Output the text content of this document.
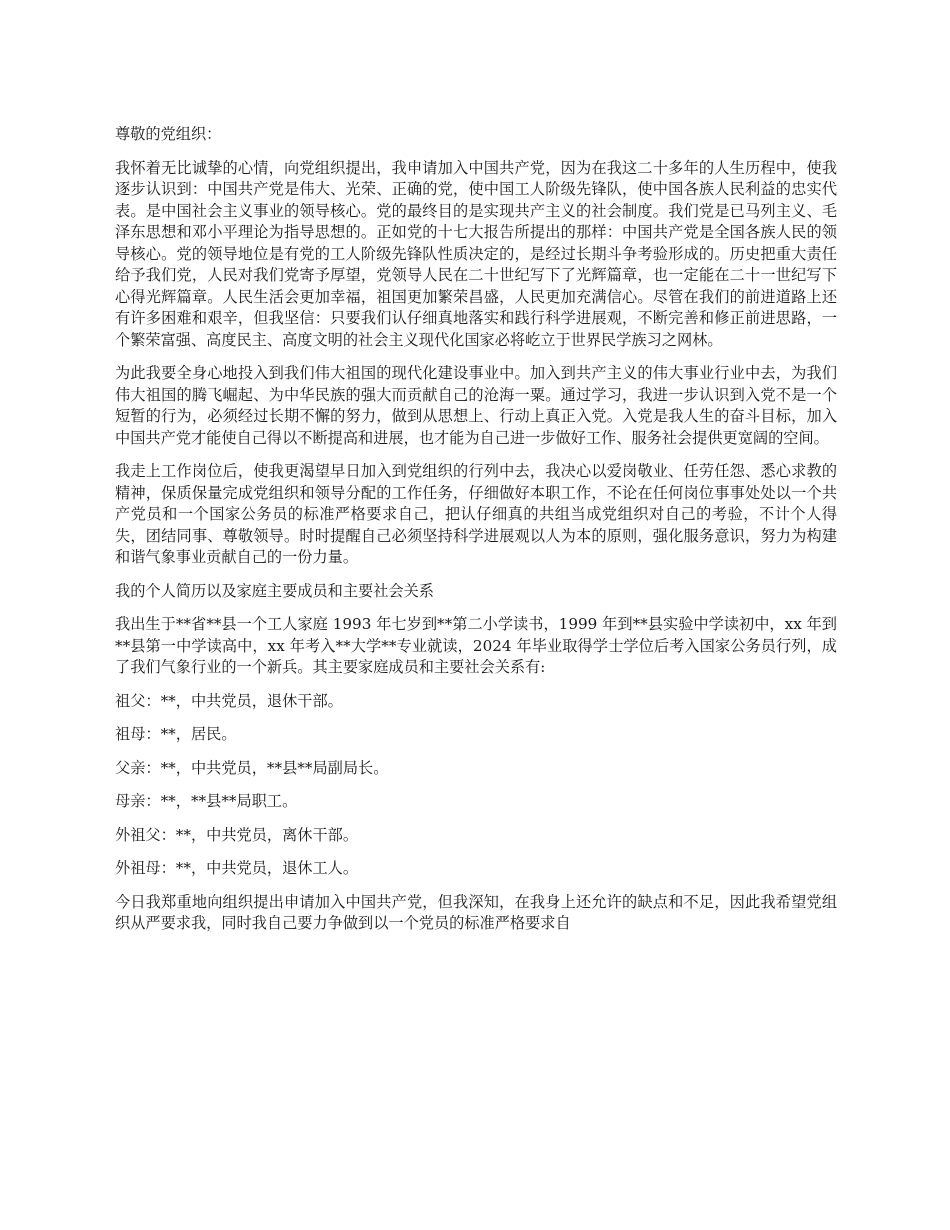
尊敬的党组织：

我怀着无比诚挚的心情，向党组织提出，我申请加入中国共产党，因为在我这二十多年的人生历程中，使我逐步认识到：中国共产党是伟大、光荣、正确的党，使中国工人阶级先锋队，使中国各族人民利益的忠实代表。是中国社会主义事业的领导核心。党的最终目的是实现共产主义的社会制度。我们党是已马列主义、毛泽东思想和邓小平理论为指导思想的。正如党的十七大报告所提出的那样：中国共产党是全国各族人民的领导核心。党的领导地位是有党的工人阶级先锋队性质决定的，是经过长期斗争考验形成的。历史把重大责任给予我们党，人民对我们党寄予厚望，党领导人民在二十世纪写下了光辉篇章，也一定能在二十一世纪写下心得光辉篇章。人民生活会更加幸福，祖国更加繁荣昌盛，人民更加充满信心。尽管在我们的前进道路上还有许多困难和艰辛，但我坚信：只要我们认仔细真地落实和践行科学进展观，不断完善和修正前进思路，一个繁荣富强、高度民主、高度文明的社会主义现代化国家必将屹立于世界民学族习之网林。

为此我要全身心地投入到我们伟大祖国的现代化建设事业中。加入到共产主义的伟大事业行业中去，为我们伟大祖国的腾飞崛起、为中华民族的强大而贡献自己的沧海一粟。通过学习，我进一步认识到入党不是一个短暂的行为，必须经过长期不懈的努力，做到从思想上、行动上真正入党。入党是我人生的奋斗目标，加入中国共产党才能使自己得以不断提高和进展，也才能为自己进一步做好工作、服务社会提供更宽阔的空间。

我走上工作岗位后，使我更渴望早日加入到党组织的行列中去，我决心以爱岗敬业、任劳任怨、悉心求教的精神，保质保量完成党组织和领导分配的工作任务，仔细做好本职工作，不论在任何岗位事事处处以一个共产党员和一个国家公务员的标准严格要求自己，把认仔细真的共组当成党组织对自己的考验，不计个人得失，团结同事、尊敬领导。时时提醒自己必须坚持科学进展观以人为本的原则，强化服务意识，努力为构建和谐气象事业贡献自己的一份力量。

我的个人简历以及家庭主要成员和主要社会关系

我出生于**省**县一个工人家庭 1993 年七岁到**第二小学读书，1999 年到**县实验中学读初中，xx 年到**县第一中学读高中，xx 年考入**大学**专业就读，2024 年毕业取得学士学位后考入国家公务员行列，成了我们气象行业的一个新兵。其主要家庭成员和主要社会关系有:

祖父：**，中共党员，退休干部。

祖母：**，居民。

父亲：**，中共党员，**县**局副局长。

母亲：**，**县**局职工。

外祖父：**，中共党员，离休干部。

外祖母：**，中共党员，退休工人。

今日我郑重地向组织提出申请加入中国共产党，但我深知，在我身上还允许的缺点和不足，因此我希望党组织从严要求我，同时我自己要力争做到以一个党员的标准严格要求自
